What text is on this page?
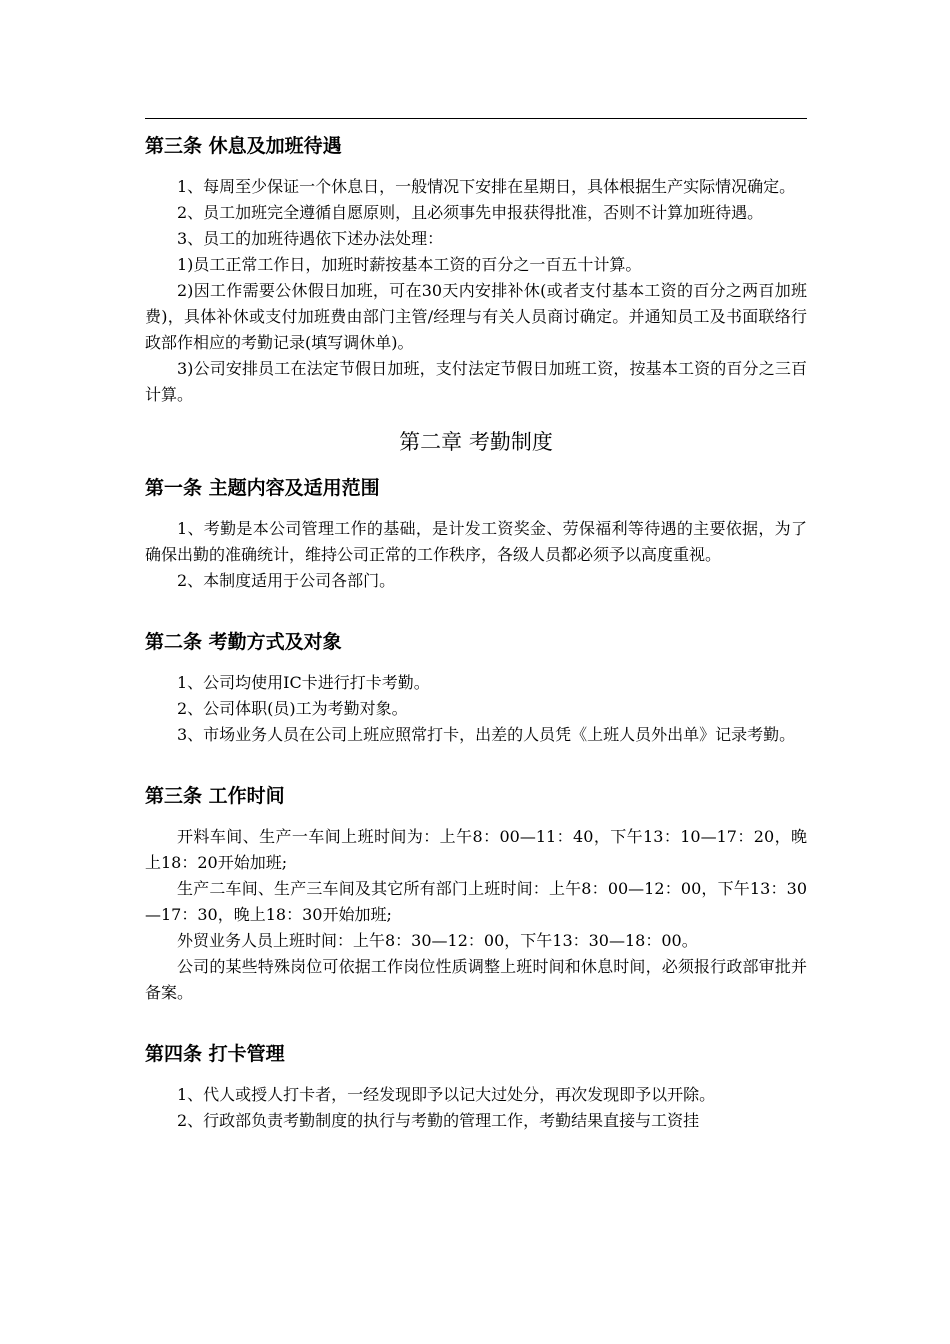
第三条 休息及加班待遇

1、每周至少保证一个休息日，一般情况下安排在星期日，具体根据生产实际情况确定。

2、员工加班完全遵循自愿原则，且必须事先申报获得批准，否则不计算加班待遇。

3、员工的加班待遇依下述办法处理：

1)员工正常工作日，加班时薪按基本工资的百分之一百五十计算。

2)因工作需要公休假日加班，可在30天内安排补休(或者支付基本工资的百分之两百加班费)，具体补休或支付加班费由部门主管/经理与有关人员商讨确定。并通知员工及书面联络行政部作相应的考勤记录(填写调休单)。

3)公司安排员工在法定节假日加班，支付法定节假日加班工资，按基本工资的百分之三百计算。

第二章 考勤制度
第一条 主题内容及适用范围

1、考勤是本公司管理工作的基础，是计发工资奖金、劳保福利等待遇的主要依据，为了确保出勤的准确统计，维持公司正常的工作秩序，各级人员都必须予以高度重视。

2、本制度适用于公司各部门。

第二条 考勤方式及对象

1、公司均使用IC卡进行打卡考勤。

2、公司体职(员)工为考勤对象。

3、市场业务人员在公司上班应照常打卡，出差的人员凭《上班人员外出单》记录考勤。

第三条 工作时间

开料车间、生产一车间上班时间为：上午8：00—11：40，下午13：10—17：20，晚上18：20开始加班;

生产二车间、生产三车间及其它所有部门上班时间：上午8：00—12：00，下午13：30—17：30，晚上18：30开始加班;

外贸业务人员上班时间：上午8：30—12：00，下午13：30—18：00。

公司的某些特殊岗位可依据工作岗位性质调整上班时间和休息时间，必须报行政部审批并备案。

第四条 打卡管理

1、代人或授人打卡者，一经发现即予以记大过处分，再次发现即予以开除。

2、行政部负责考勤制度的执行与考勤的管理工作，考勤结果直接与工资挂
